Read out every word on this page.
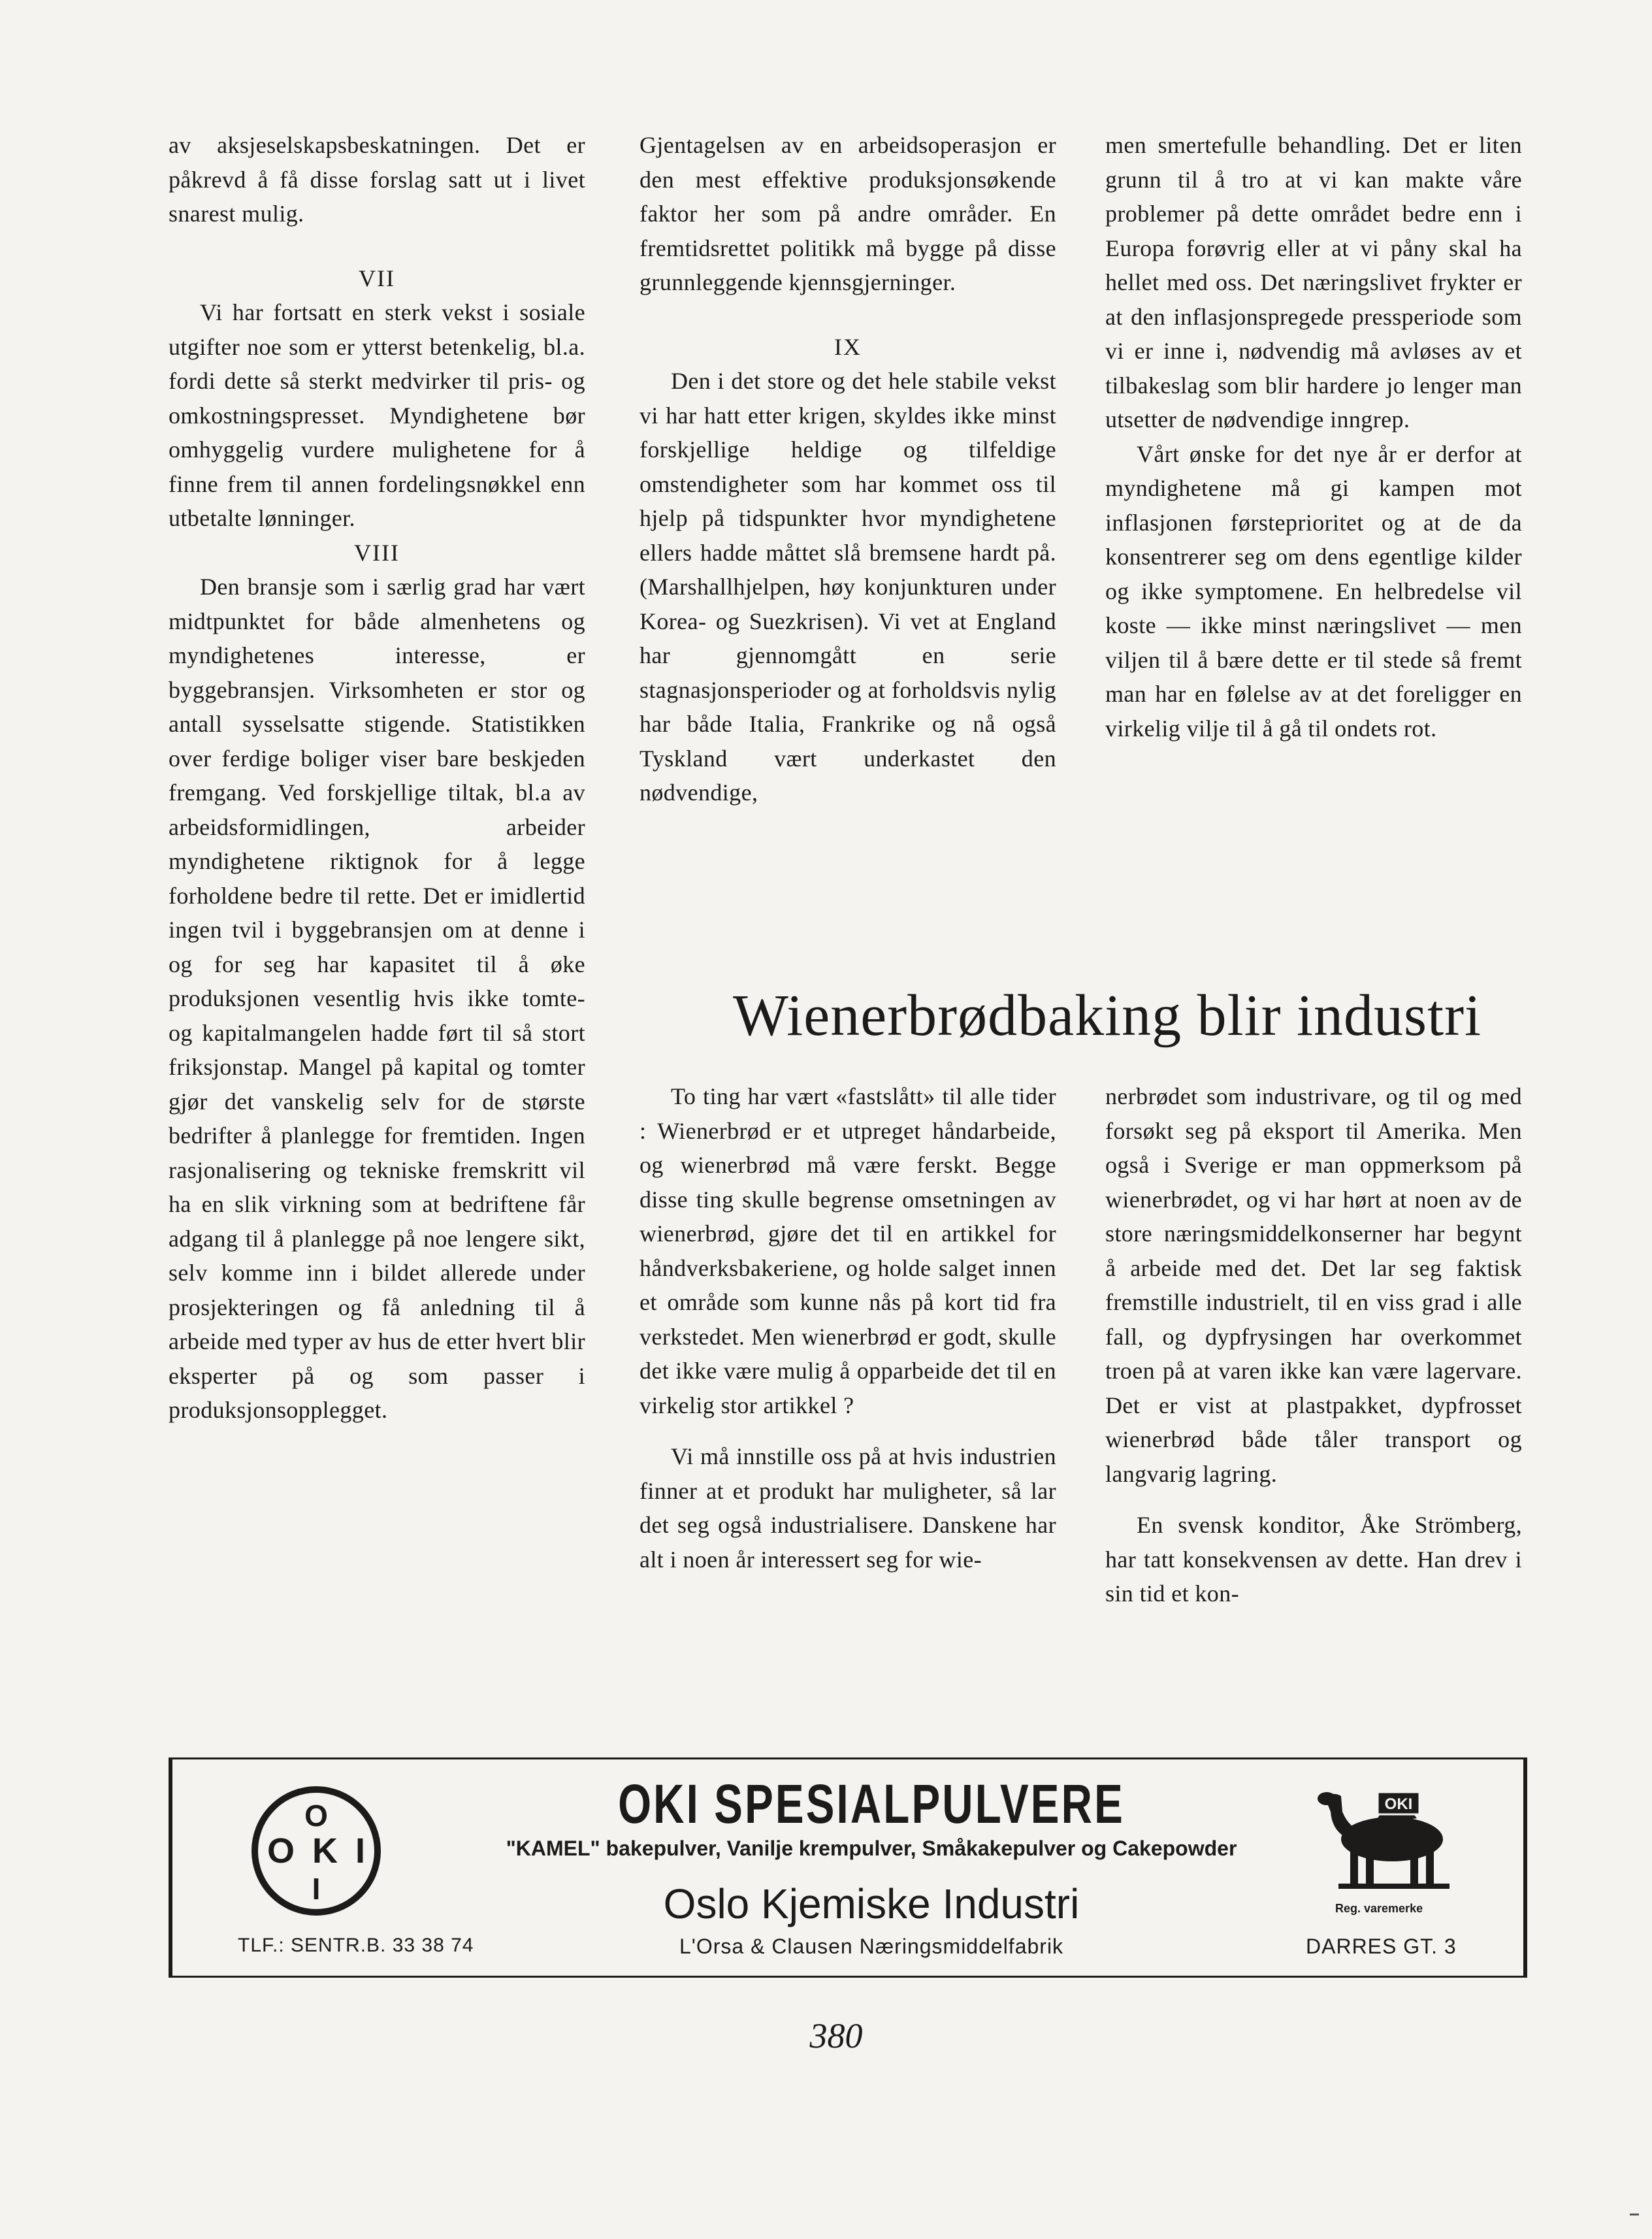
av aksjeselskapsbeskatningen. Det er påkrevd å få disse forslag satt ut i livet snarest mulig.

VII

Vi har fortsatt en sterk vekst i sosiale utgifter noe som er ytterst betenkelig, bl.a. fordi dette så sterkt medvirker til pris- og omkostningspresset. Myndighetene bør omhyggelig vurdere mulighetene for å finne frem til annen fordelingsnøkkel enn utbetalte lønninger.

VIII

Den bransje som i særlig grad har vært midtpunktet for både almenhetens og myndighetenes interesse, er byggebransjen. Virksomheten er stor og antall sysselsatte stigende. Statistikken over ferdige boliger viser bare beskjeden fremgang. Ved forskjellige tiltak, bl.a av arbeidsformidlingen, arbeider myndighetene riktignok for å legge forholdene bedre til rette. Det er imidlertid ingen tvil i byggebransjen om at denne i og for seg har kapasitet til å øke produksjonen vesentlig hvis ikke tomte- og kapitalmangelen hadde ført til så stort friksjonstap. Mangel på kapital og tomter gjør det vanskelig selv for de største bedrifter å planlegge for fremtiden. Ingen rasjonalisering og tekniske fremskritt vil ha en slik virkning som at bedriftene får adgang til å planlegge på noe lengere sikt, selv komme inn i bildet allerede under prosjekteringen og få anledning til å arbeide med typer av hus de etter hvert blir eksperter på og som passer i produksjonsopplegget.

Gjentagelsen av en arbeidsoperasjon er den mest effektive produksjonsøkende faktor her som på andre områder. En fremtidsrettet politikk må bygge på disse grunnleggende kjennsgjerninger.

IX

Den i det store og det hele stabile vekst vi har hatt etter krigen, skyldes ikke minst forskjellige heldige og tilfeldige omstendigheter som har kommet oss til hjelp på tidspunkter hvor myndighetene ellers hadde måttet slå bremsene hardt på. (Marshallhjelpen, høy konjunkturen under Korea- og Suezkrisen). Vi vet at England har gjennomgått en serie stagnasjonsperioder og at forholdsvis nylig har både Italia, Frankrike og nå også Tyskland vært underkastet den nødvendige,

men smertefulle behandling. Det er liten grunn til å tro at vi kan makte våre problemer på dette området bedre enn i Europa forøvrig eller at vi påny skal ha hellet med oss. Det næringslivet frykter er at den inflasjonspregede pressperiode som vi er inne i, nødvendig må avløses av et tilbakeslag som blir hardere jo lenger man utsetter de nødvendige inngrep.

Vårt ønske for det nye år er derfor at myndighetene må gi kampen mot inflasjonen førsteprioritet og at de da konsentrerer seg om dens egentlige kilder og ikke symptomene. En helbredelse vil koste — ikke minst næringslivet — men viljen til å bære dette er til stede så fremt man har en følelse av at det foreligger en virkelig vilje til å gå til ondets rot.

Wienerbrødbaking blir industri

To ting har vært «fastslått» til alle tider : Wienerbrød er et utpreget håndarbeide, og wienerbrød må være ferskt. Begge disse ting skulle begrense omsetningen av wienerbrød, gjøre det til en artikkel for håndverksbakeriene, og holde salget innen et område som kunne nås på kort tid fra verkstedet. Men wienerbrød er godt, skulle det ikke være mulig å opparbeide det til en virkelig stor artikkel ?

Vi må innstille oss på at hvis industrien finner at et produkt har muligheter, så lar det seg også industrialisere. Danskene har alt i noen år interessert seg for wie-

nerbrødet som industrivare, og til og med forsøkt seg på eksport til Amerika. Men også i Sverige er man oppmerksom på wienerbrødet, og vi har hørt at noen av de store næringsmiddelkonserner har begynt å arbeide med det. Det lar seg faktisk fremstille industrielt, til en viss grad i alle fall, og dypfrysingen har overkommet troen på at varen ikke kan være lagervare. Det er vist at plastpakket, dypfrosset wienerbrød både tåler transport og langvarig lagring.

En svensk konditor, Åke Strömberg, har tatt konsekvensen av dette. Han drev i sin tid et kon-

O
OKI
I
TLF.: SENTR.B. 33 38 74
OKI SPESIALPULVERE
"KAMEL" bakepulver, Vanilje krempulver, Småkakepulver og Cakepowder
Oslo Kjemiske Industri
L'Orsa & Clausen Næringsmiddelfabrik
OKI
Reg. varemerke
DARRES GT. 3
380
